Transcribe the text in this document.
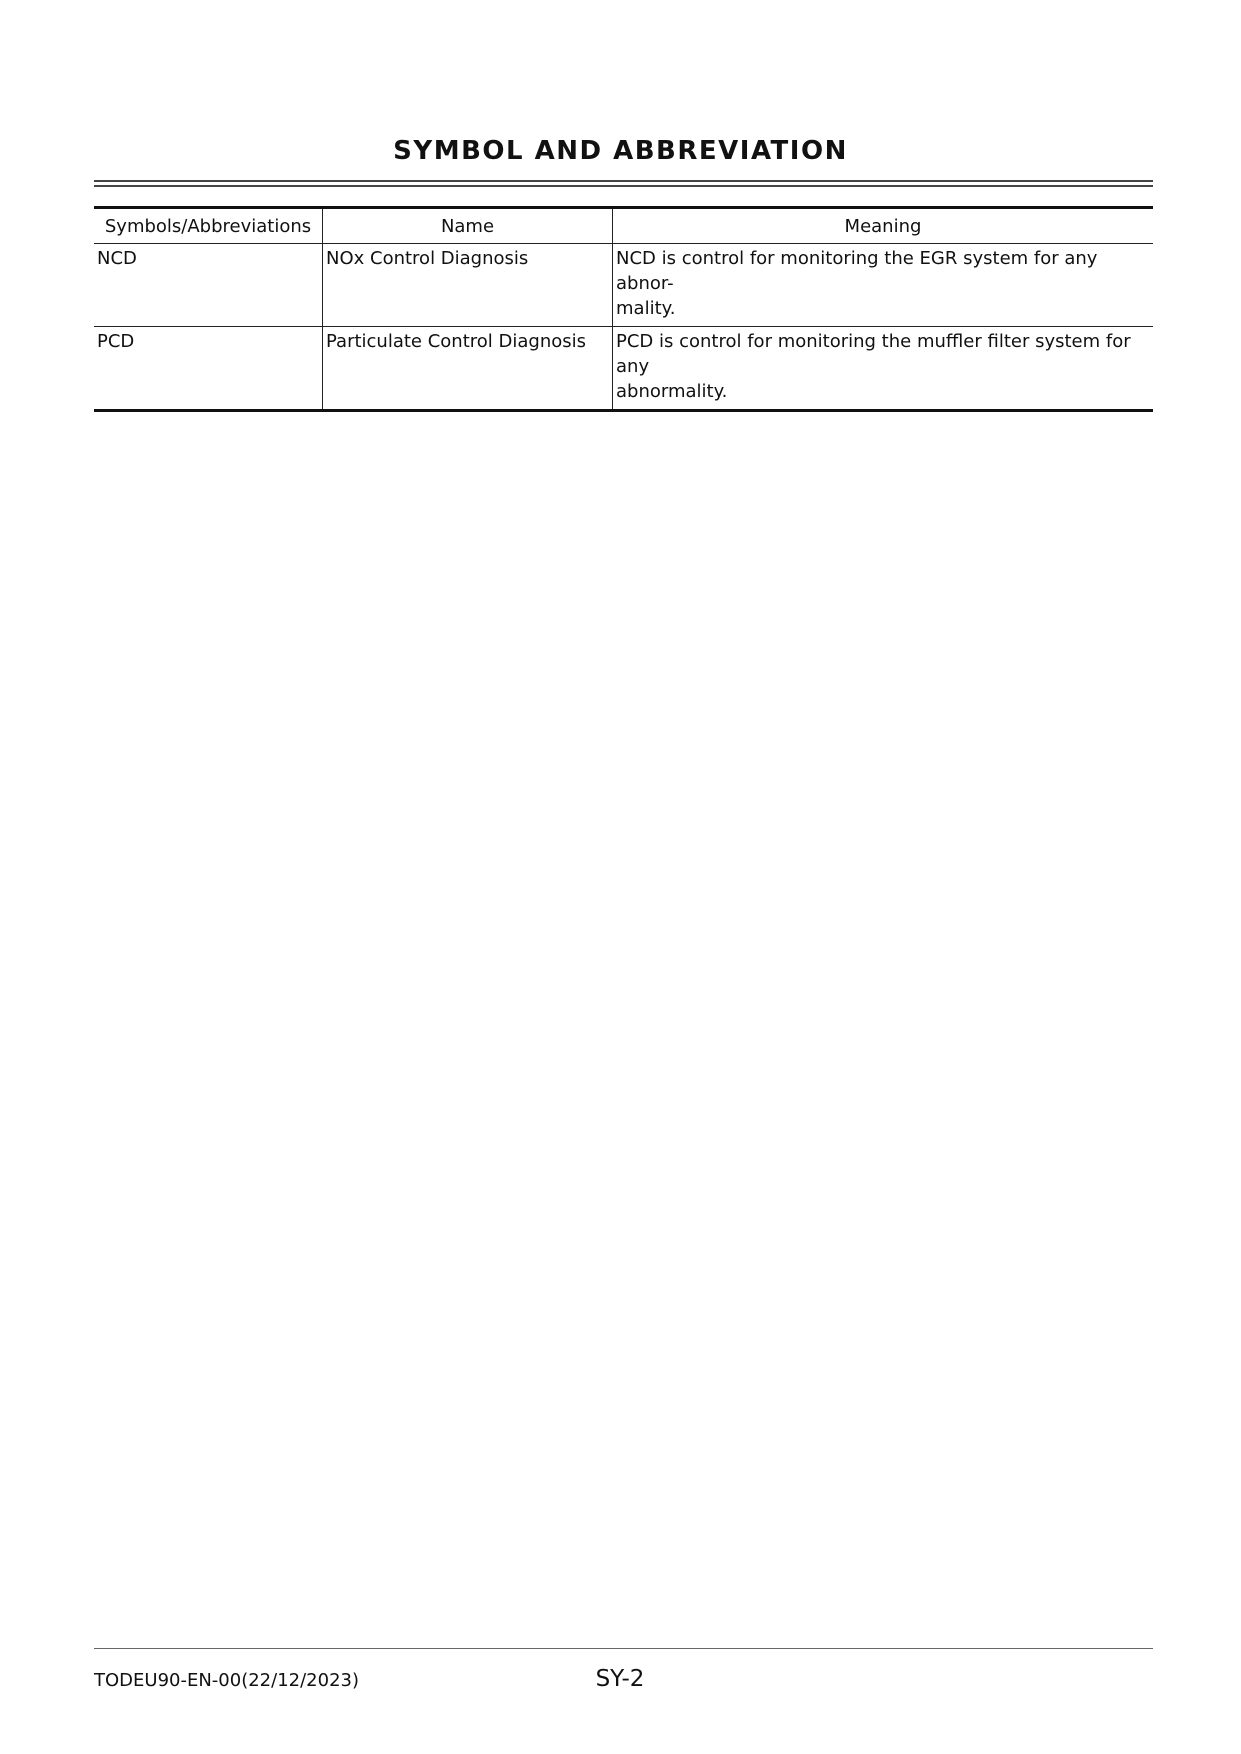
SYMBOL AND ABBREVIATION
Symbols/Abbreviations	Name	Meaning
NCD	NOx Control Diagnosis	NCD is control for monitoring the EGR system for any abnor-
mality.
PCD	Particulate Control Diagnosis	PCD is control for monitoring the muffler filter system for any
abnormality.
TODEU90-EN-00(22/12/2023)	SY-2
